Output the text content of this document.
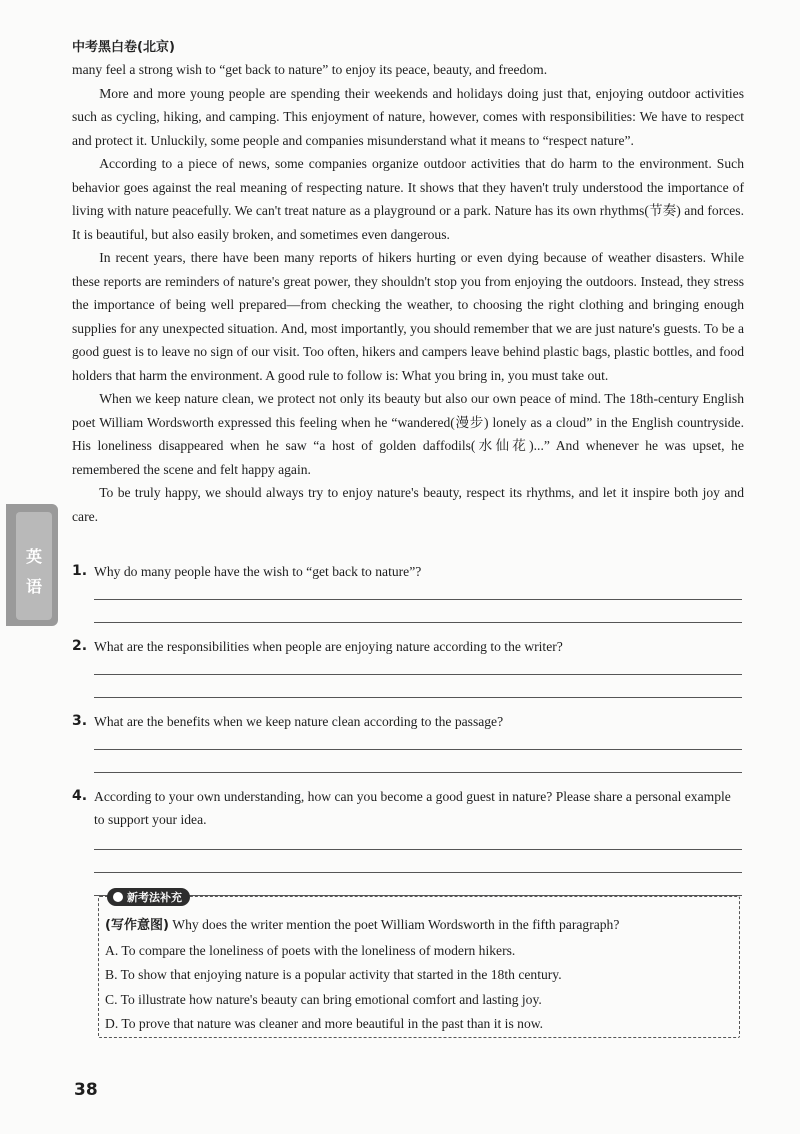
中考黑白卷(北京)

many feel a strong wish to “get back to nature” to enjoy its peace, beauty, and freedom.

More and more young people are spending their weekends and holidays doing just that, enjoying outdoor activities such as cycling, hiking, and camping. This enjoyment of nature, however, comes with responsibilities: We have to respect and protect it. Unluckily, some people and companies misunderstand what it means to “respect nature”.

According to a piece of news, some companies organize outdoor activities that do harm to the environment. Such behavior goes against the real meaning of respecting nature. It shows that they haven't truly understood the importance of living with nature peacefully. We can't treat nature as a playground or a park. Nature has its own rhythms(节奏) and forces. It is beautiful, but also easily broken, and sometimes even dangerous.

In recent years, there have been many reports of hikers hurting or even dying because of weather disasters. While these reports are reminders of nature's great power, they shouldn't stop you from enjoying the outdoors. Instead, they stress the importance of being well prepared—from checking the weather, to choosing the right clothing and bringing enough supplies for any unexpected situation. And, most importantly, you should remember that we are just nature's guests. To be a good guest is to leave no sign of our visit. Too often, hikers and campers leave behind plastic bags, plastic bottles, and food holders that harm the environment. A good rule to follow is: What you bring in, you must take out.

When we keep nature clean, we protect not only its beauty but also our own peace of mind. The 18th-century English poet William Wordsworth expressed this feeling when he “wandered(漫步) lonely as a cloud” in the English countryside. His loneliness disappeared when he saw “a host of golden daffodils(水仙花)...” And whenever he was upset, he remembered the scene and felt happy again.

To be truly happy, we should always try to enjoy nature's beauty, respect its rhythms, and let it inspire both joy and care.

英
语
1. Why do many people have the wish to “get back to nature”?
2. What are the responsibilities when people are enjoying nature according to the writer?
3. What are the benefits when we keep nature clean according to the passage?
4. According to your own understanding, how can you become a good guest in nature? Please share a personal example to support your idea.
新考法补充
(写作意图) Why does the writer mention the poet William Wordsworth in the fifth paragraph?
A. To compare the loneliness of poets with the loneliness of modern hikers.
B. To show that enjoying nature is a popular activity that started in the 18th century.
C. To illustrate how nature's beauty can bring emotional comfort and lasting joy.
D. To prove that nature was cleaner and more beautiful in the past than it is now.
38
